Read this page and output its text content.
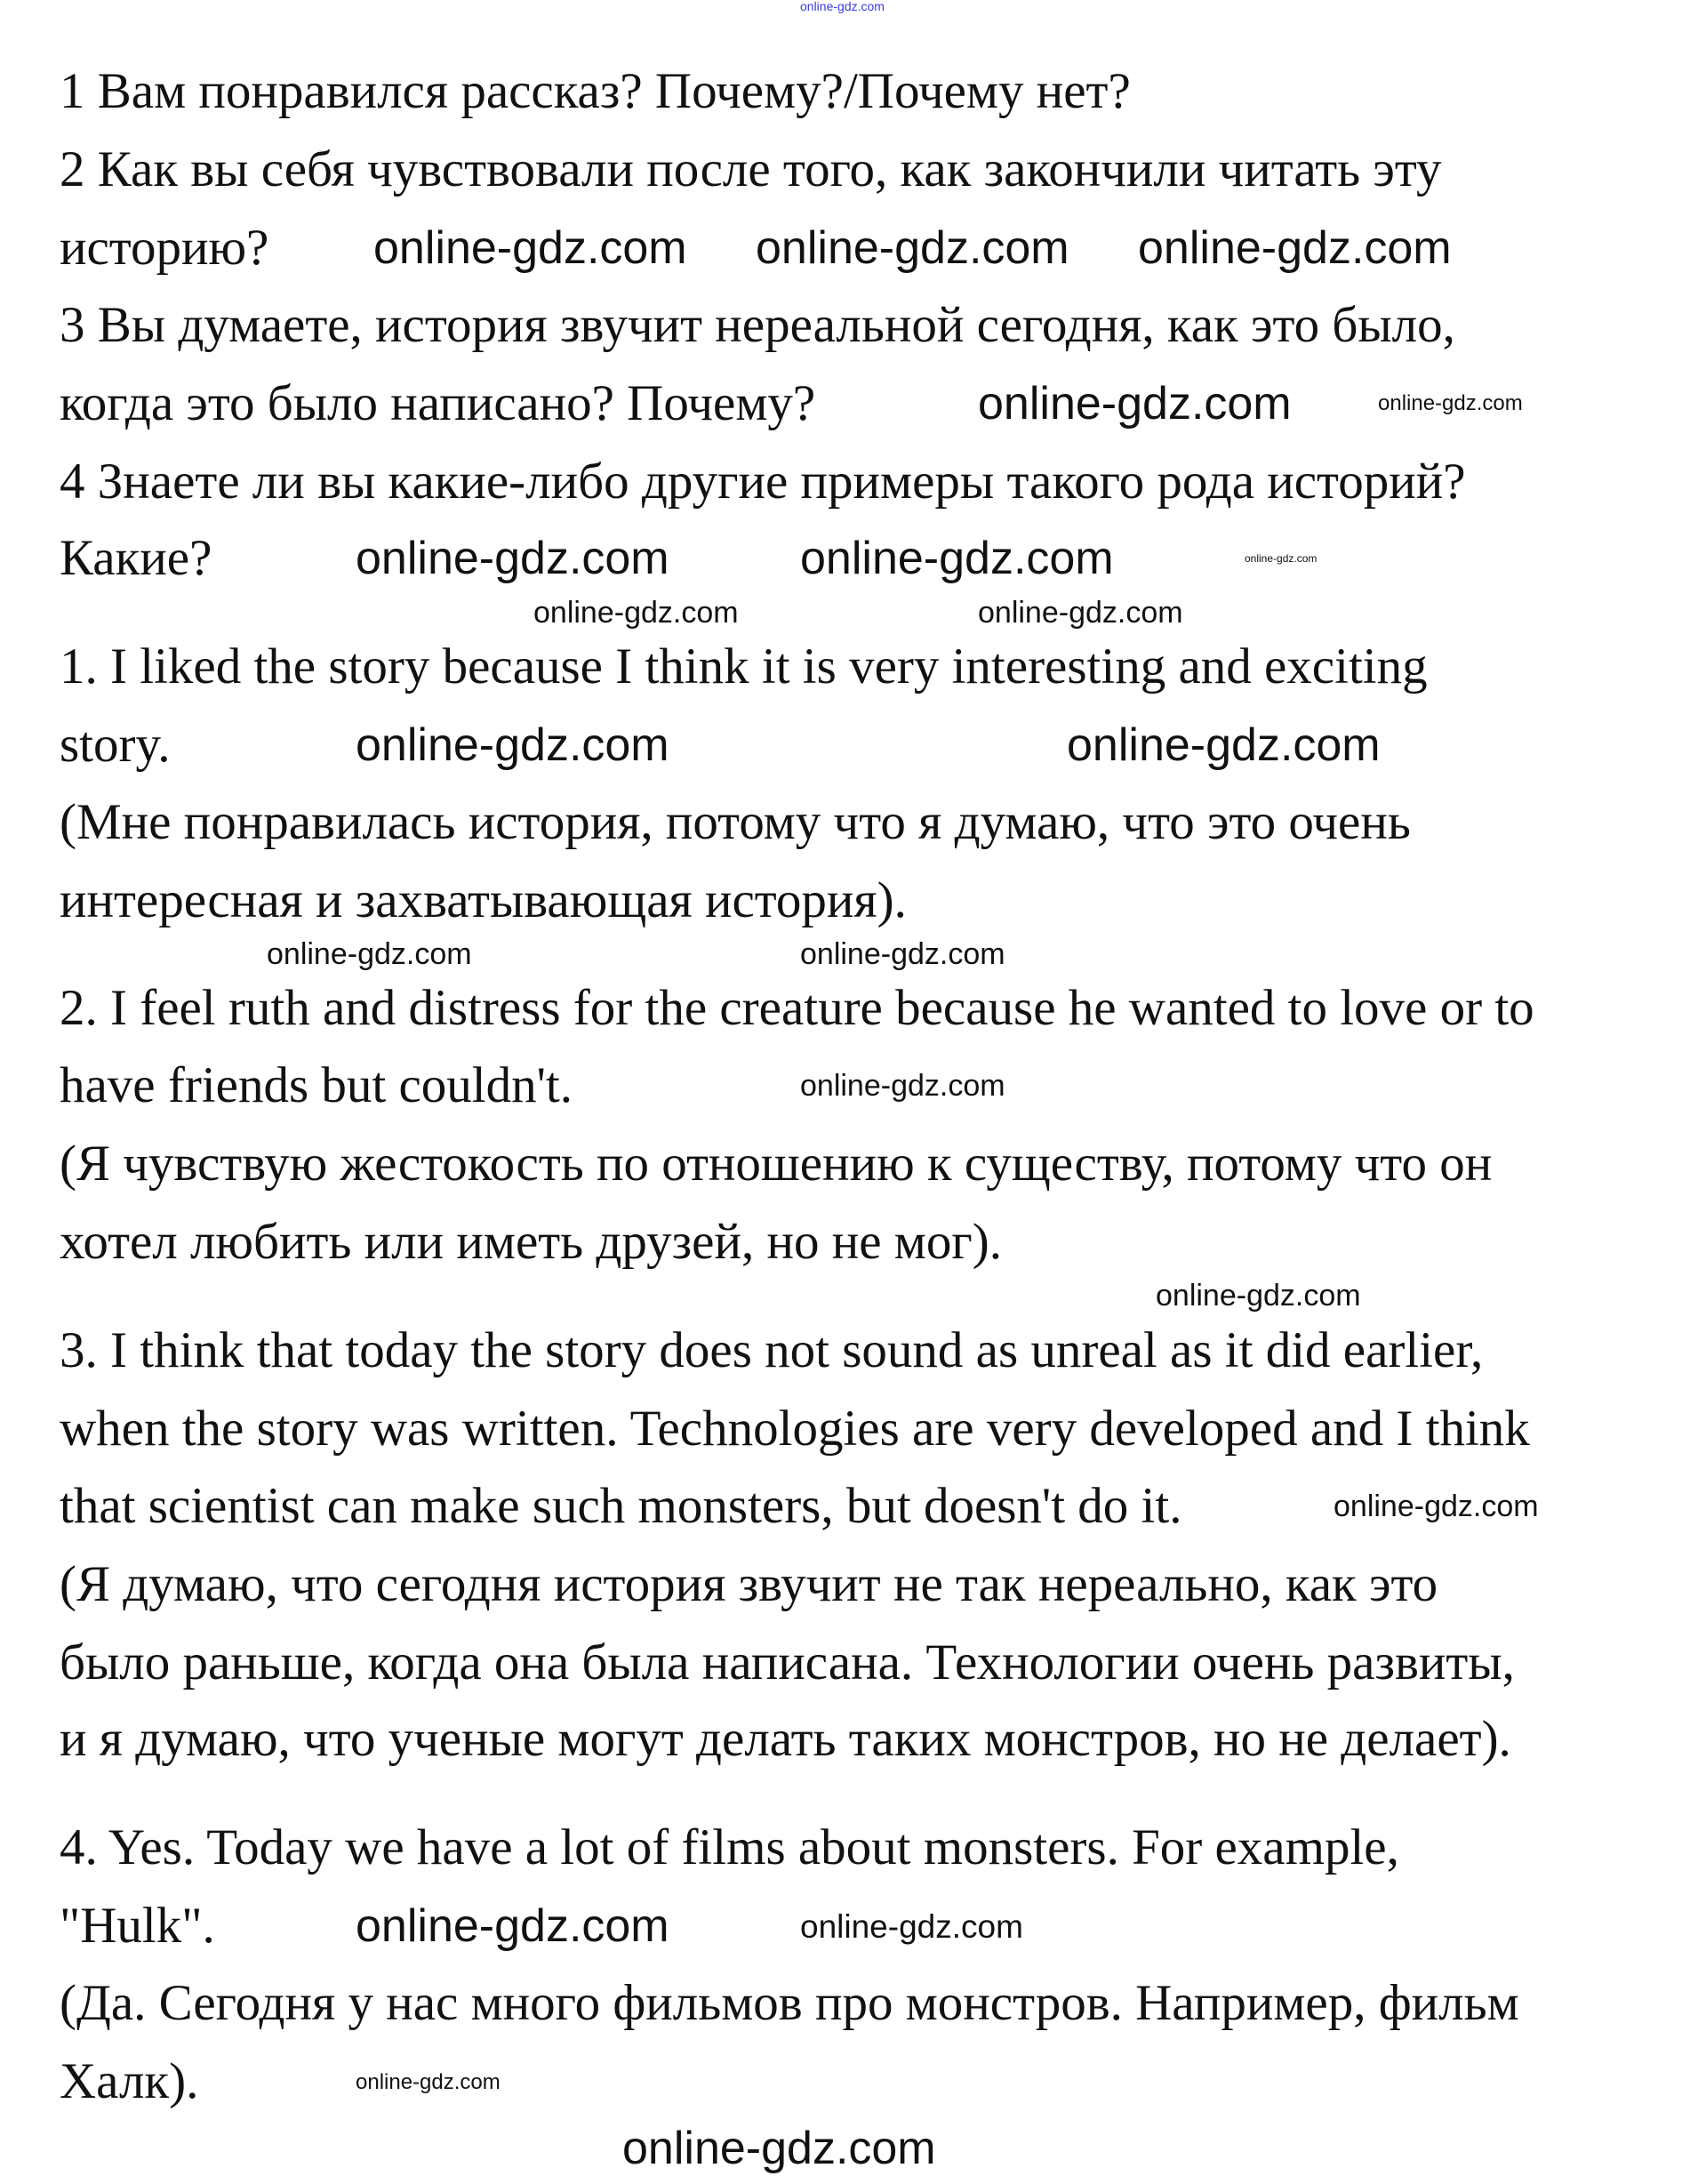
1 Вам понравился рассказ? Почему?/Почему нет?
2 Как вы себя чувствовали после того, как закончили читать эту
историю?
3 Вы думаете, история звучит нереальной сегодня, как это было,
когда это было написано? Почему?
4 Знаете ли вы какие-либо другие примеры такого рода историй?
Какие?
1. I liked the story because I think it is very interesting and exciting
story.
(Мне понравилась история, потому что я думаю, что это очень
интересная и захватывающая история).
2. I feel ruth and distress for the creature because he wanted to love or to
have friends but couldn't.
(Я чувствую жестокость по отношению к существу, потому что он
хотел любить или иметь друзей, но не мог).
3. I think that today the story does not sound as unreal as it did earlier,
when the story was written. Technologies are very developed and I think
that scientist can make such monsters, but doesn't do it.
(Я думаю, что сегодня история звучит не так нереально, как это
было раньше, когда она была написана. Технологии очень развиты,
и я думаю, что ученые могут делать таких монстров, но не делает).
4. Yes. Today we have a lot of films about monsters. For example,
"Hulk".
(Да. Сегодня у нас много фильмов про монстров. Например, фильм
Халк).
online-gdz.com
online-gdz.com online-gdz.com online-gdz.com
online-gdz.com	online-gdz.com
online-gdz.com	online-gdz.com	online-gdz.com
online-gdz.com	online-gdz.com
online-gdz.com	online-gdz.com
online-gdz.com	online-gdz.com
online-gdz.com
online-gdz.com
online-gdz.com
online-gdz.com	online-gdz.com
online-gdz.com
online-gdz.com
